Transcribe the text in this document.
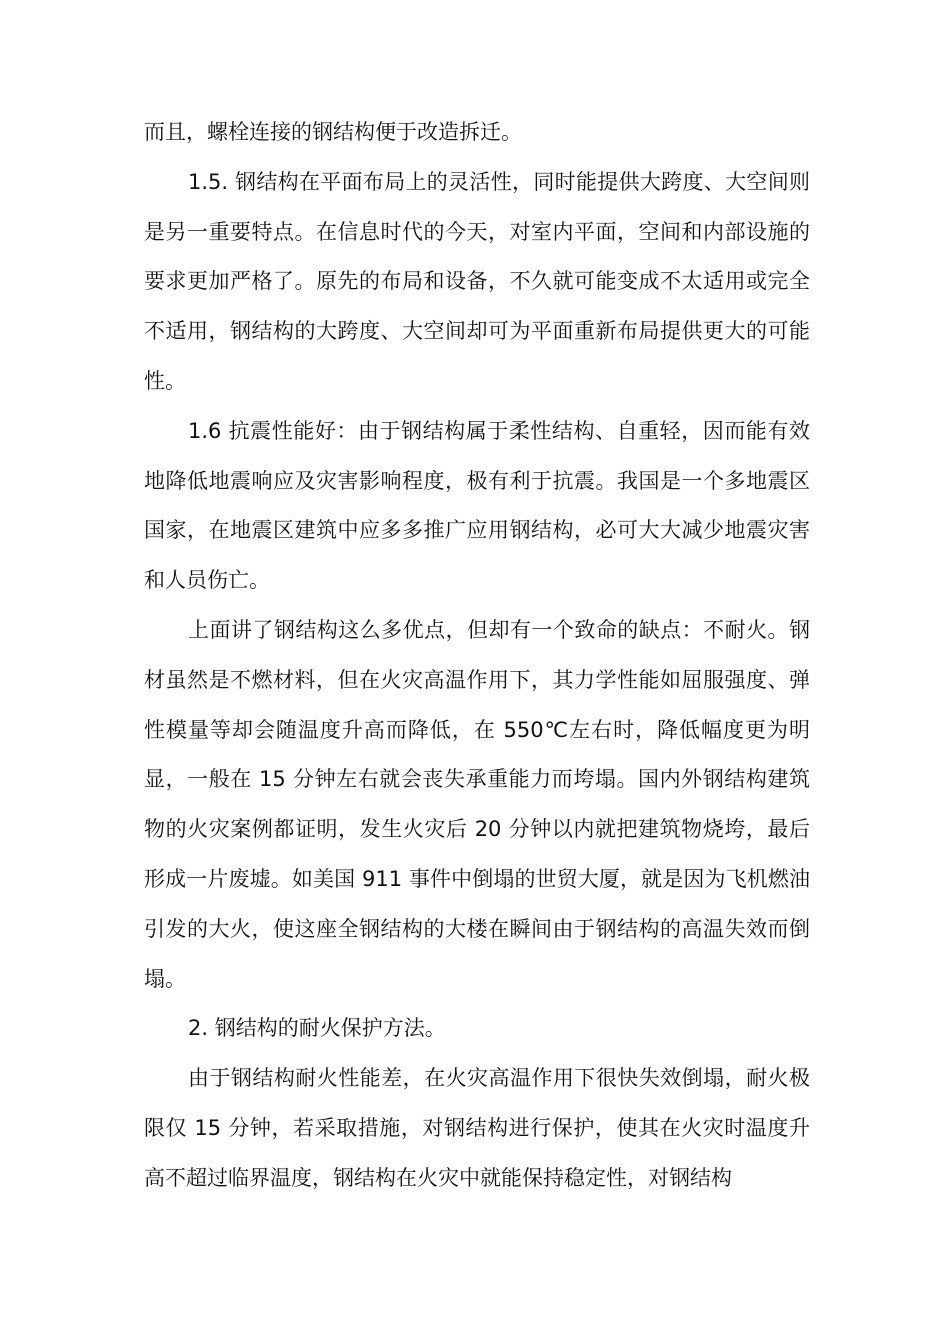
而且，螺栓连接的钢结构便于改造拆迁。

1.5. 钢结构在平面布局上的灵活性，同时能提供大跨度、大空间则是另一重要特点。在信息时代的今天，对室内平面，空间和内部设施的要求更加严格了。原先的布局和设备，不久就可能变成不太适用或完全不适用，钢结构的大跨度、大空间却可为平面重新布局提供更大的可能性。

1.6 抗震性能好：由于钢结构属于柔性结构、自重轻，因而能有效地降低地震响应及灾害影响程度，极有利于抗震。我国是一个多地震区国家，在地震区建筑中应多多推广应用钢结构，必可大大减少地震灾害和人员伤亡。

上面讲了钢结构这么多优点，但却有一个致命的缺点：不耐火。钢材虽然是不燃材料，但在火灾高温作用下，其力学性能如屈服强度、弹性模量等却会随温度升高而降低，在 550℃左右时，降低幅度更为明显，一般在 15 分钟左右就会丧失承重能力而垮塌。国内外钢结构建筑物的火灾案例都证明，发生火灾后 20 分钟以内就把建筑物烧垮，最后形成一片废墟。如美国 911 事件中倒塌的世贸大厦，就是因为飞机燃油引发的大火，使这座全钢结构的大楼在瞬间由于钢结构的高温失效而倒塌。

2. 钢结构的耐火保护方法。

由于钢结构耐火性能差，在火灾高温作用下很快失效倒塌，耐火极限仅 15 分钟，若采取措施，对钢结构进行保护，使其在火灾时温度升高不超过临界温度，钢结构在火灾中就能保持稳定性，对钢结构
